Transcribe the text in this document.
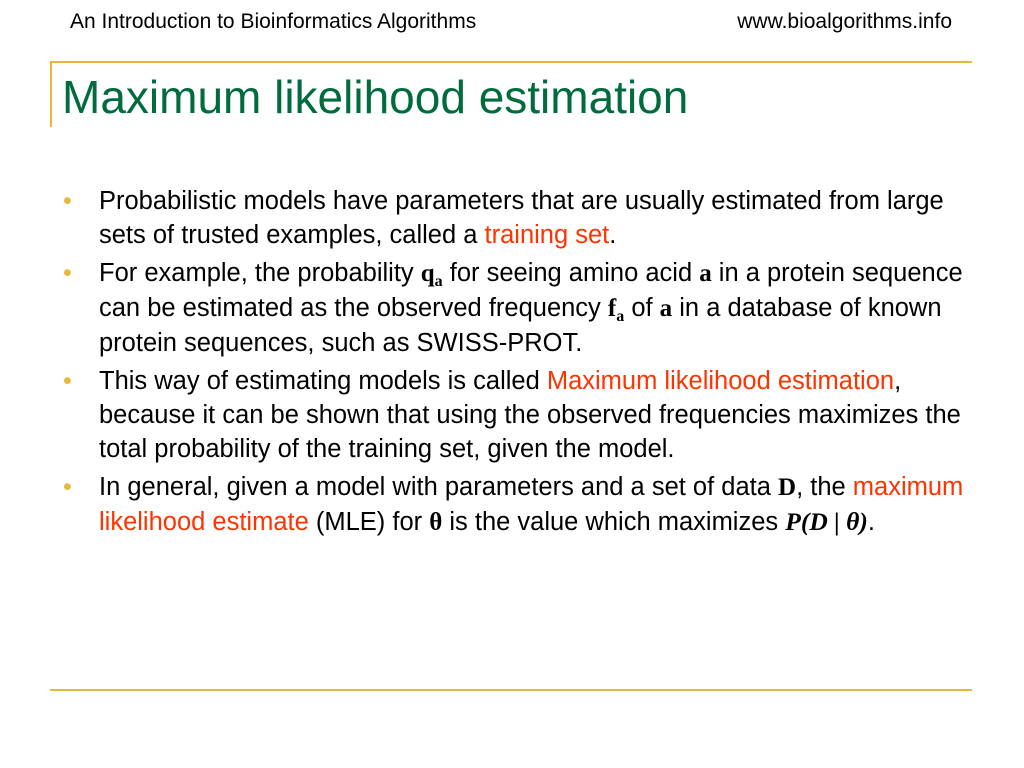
An Introduction to Bioinformatics Algorithms	www.bioalgorithms.info
Maximum likelihood estimation
• Probabilistic models have parameters that are usually estimated from large sets of trusted examples, called a training set.
• For example, the probability $q_a$ for seeing amino acid a in a protein sequence can be estimated as the observed frequency $f_a$ of a in a database of known protein sequences, such as SWISS-PROT.
• This way of estimating models is called Maximum likelihood estimation, because it can be shown that using the observed frequencies maximizes the total probability of the training set, given the model.
• In general, given a model with parameters and a set of data D, the maximum likelihood estimate (MLE) for θ is the value which maximizes P(D | θ).
